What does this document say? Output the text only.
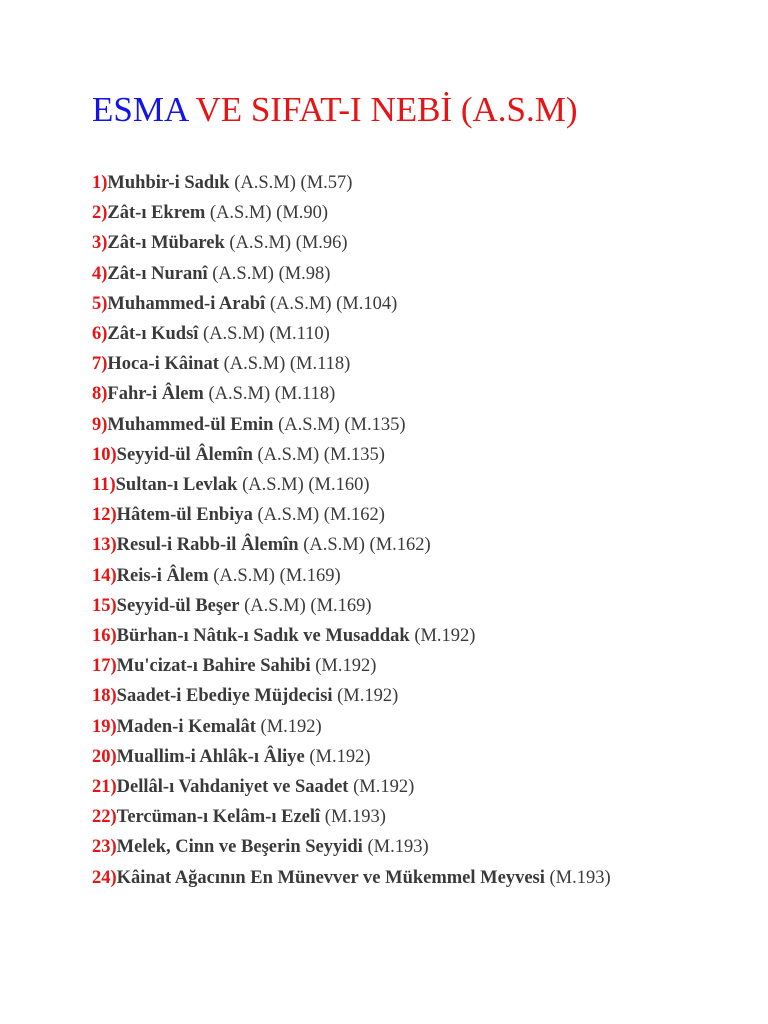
ESMA VE SIFAT-I NEBİ (A.S.M)
1)Muhbir-i Sadık (A.S.M) (M.57)
2)Zât-ı Ekrem (A.S.M) (M.90)
3)Zât-ı Mübarek (A.S.M) (M.96)
4)Zât-ı Nuranî (A.S.M) (M.98)
5)Muhammed-i Arabî (A.S.M) (M.104)
6)Zât-ı Kudsî (A.S.M) (M.110)
7)Hoca-i Kâinat (A.S.M) (M.118)
8)Fahr-i Âlem (A.S.M) (M.118)
9)Muhammed-ül Emin (A.S.M) (M.135)
10)Seyyid-ül Âlemîn (A.S.M) (M.135)
11)Sultan-ı Levlak (A.S.M) (M.160)
12)Hâtem-ül Enbiya (A.S.M) (M.162)
13)Resul-i Rabb-il Âlemîn (A.S.M) (M.162)
14)Reis-i Âlem (A.S.M) (M.169)
15)Seyyid-ül Beşer (A.S.M) (M.169)
16)Bürhan-ı Nâtık-ı Sadık ve Musaddak (M.192)
17)Mu'cizat-ı Bahire Sahibi (M.192)
18)Saadet-i Ebediye Müjdecisi (M.192)
19)Maden-i Kemalât (M.192)
20)Muallim-i Ahlâk-ı Âliye (M.192)
21)Dellâl-ı Vahdaniyet ve Saadet (M.192)
22)Tercüman-ı Kelâm-ı Ezelî (M.193)
23)Melek, Cinn ve Beşerin Seyyidi (M.193)
24)Kâinat Ağacının En Münevver ve Mükemmel Meyvesi (M.193)
